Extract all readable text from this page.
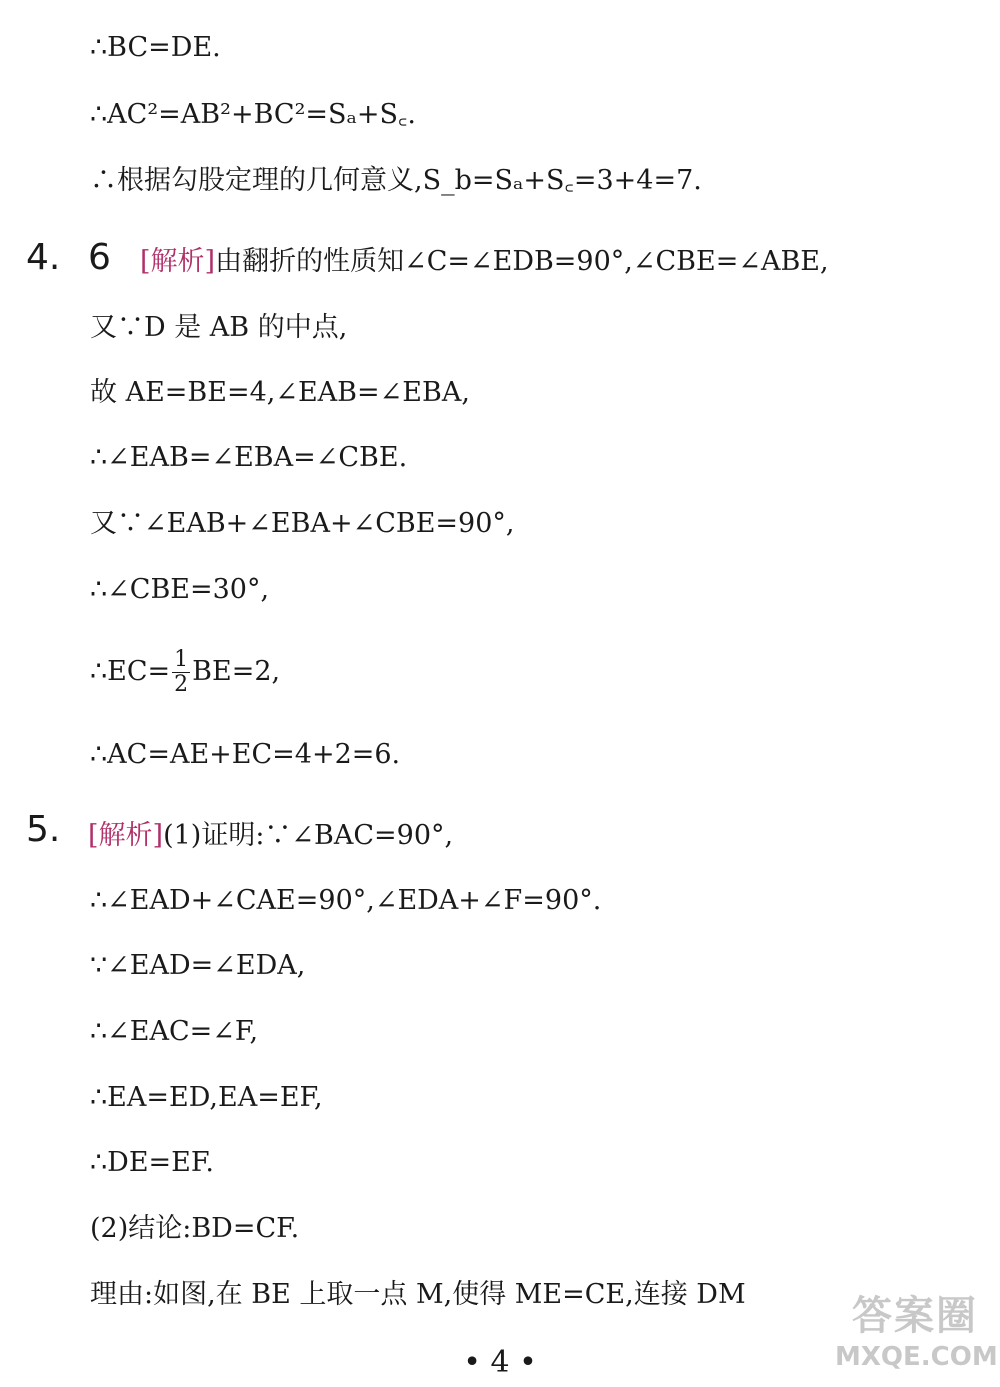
∴BC=DE.
∴AC²=AB²+BC²=Sₐ+S꜀.
∴根据勾股定理的几何意义,S_b=Sₐ+S꜀=3+4=7.
4. 6 [解析]由翻折的性质知∠C=∠EDB=90°,∠CBE=∠ABE,
又∵D 是 AB 的中点,
故 AE=BE=4,∠EAB=∠EBA,
∴∠EAB=∠EBA=∠CBE.
又∵∠EAB+∠EBA+∠CBE=90°,
∴∠CBE=30°,
∴EC= $\frac{1}{2} BE=2$,
∴AC=AE+EC=4+2=6.
5. [解析](1)证明:∵∠BAC=90°,
∴∠EAD+∠CAE=90°,∠EDA+∠F=90°.
∵∠EAD=∠EDA,
∴∠EAC=∠F,
∴EA=ED,EA=EF,
∴DE=EF.
(2)结论:BD=CF.
理由:如图,在 BE 上取一点 M,使得 ME=CE,连接 DM
• 4 •
答案圈
MXQE.COM
